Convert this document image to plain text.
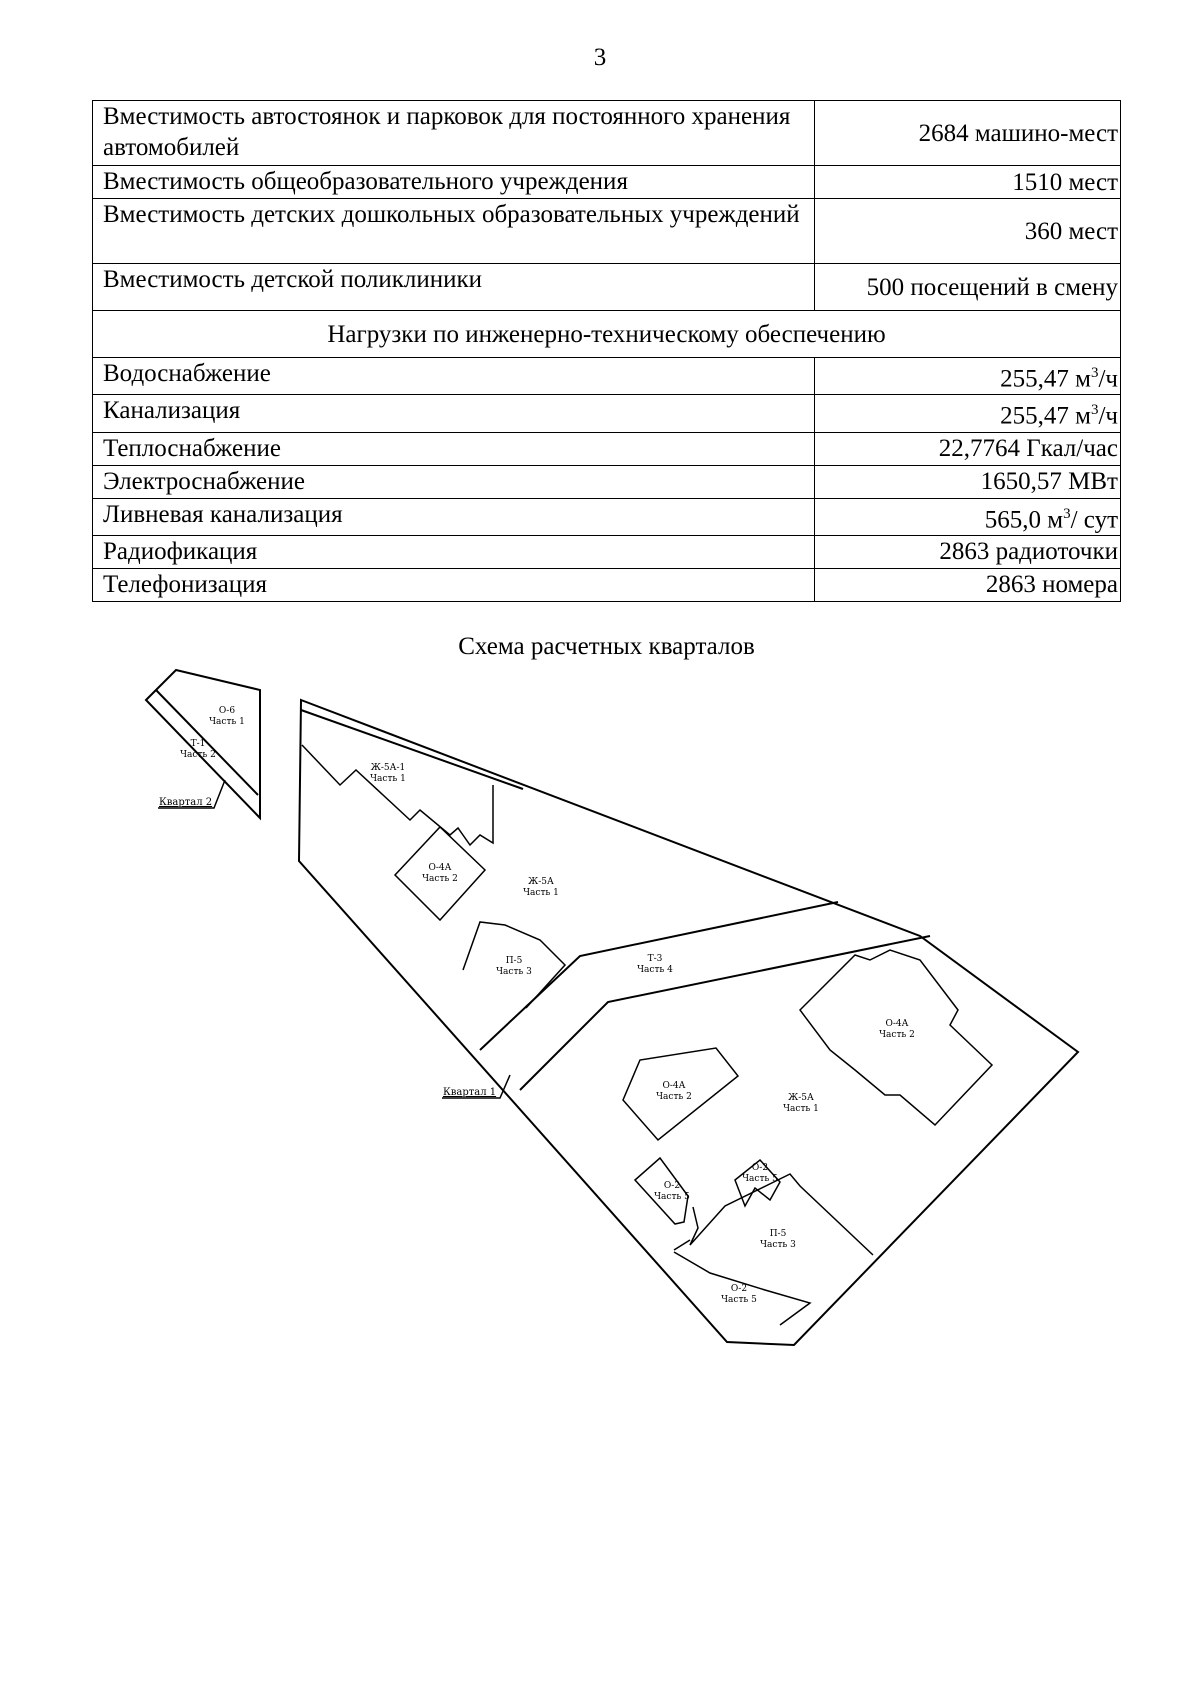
3
Вместимость автостоянок и парковок для постоянного хранения автомобилей	2684 машино-мест
Вместимость общеобразовательного учреждения	1510 мест
Вместимость детских дошкольных образовательных учреждений	360 мест
Вместимость детской поликлиники	500 посещений в смену
Нагрузки по инженерно-техническому обеспечению	
Водоснабжение	255,47 $м^3/ч$
Канализация	255,47 $м^3/ч$
Теплоснабжение	22,7764 Гкал/час
Электроснабжение	1650,57 МВт
Ливневая канализация	565,0 $м^3/$ сут
Радиофикация	2863 радиоточки
Телефонизация	2863 номера
Схема расчетных кварталов
О-6
Часть 1
Т-1
Часть 2
Ж-5А-1
Часть 1
О-4А
Часть 2	Ж-5А
Часть 1
П-5
Часть 3
Т-3
Часть 4
О-4А
Часть 2
О-4А
Часть 2	Ж-5А
Часть 1
О-2
Часть 5
О-2
Часть 5
П-5
Часть 3
О-2
Часть 5
Квартал 2
Квартал 1
